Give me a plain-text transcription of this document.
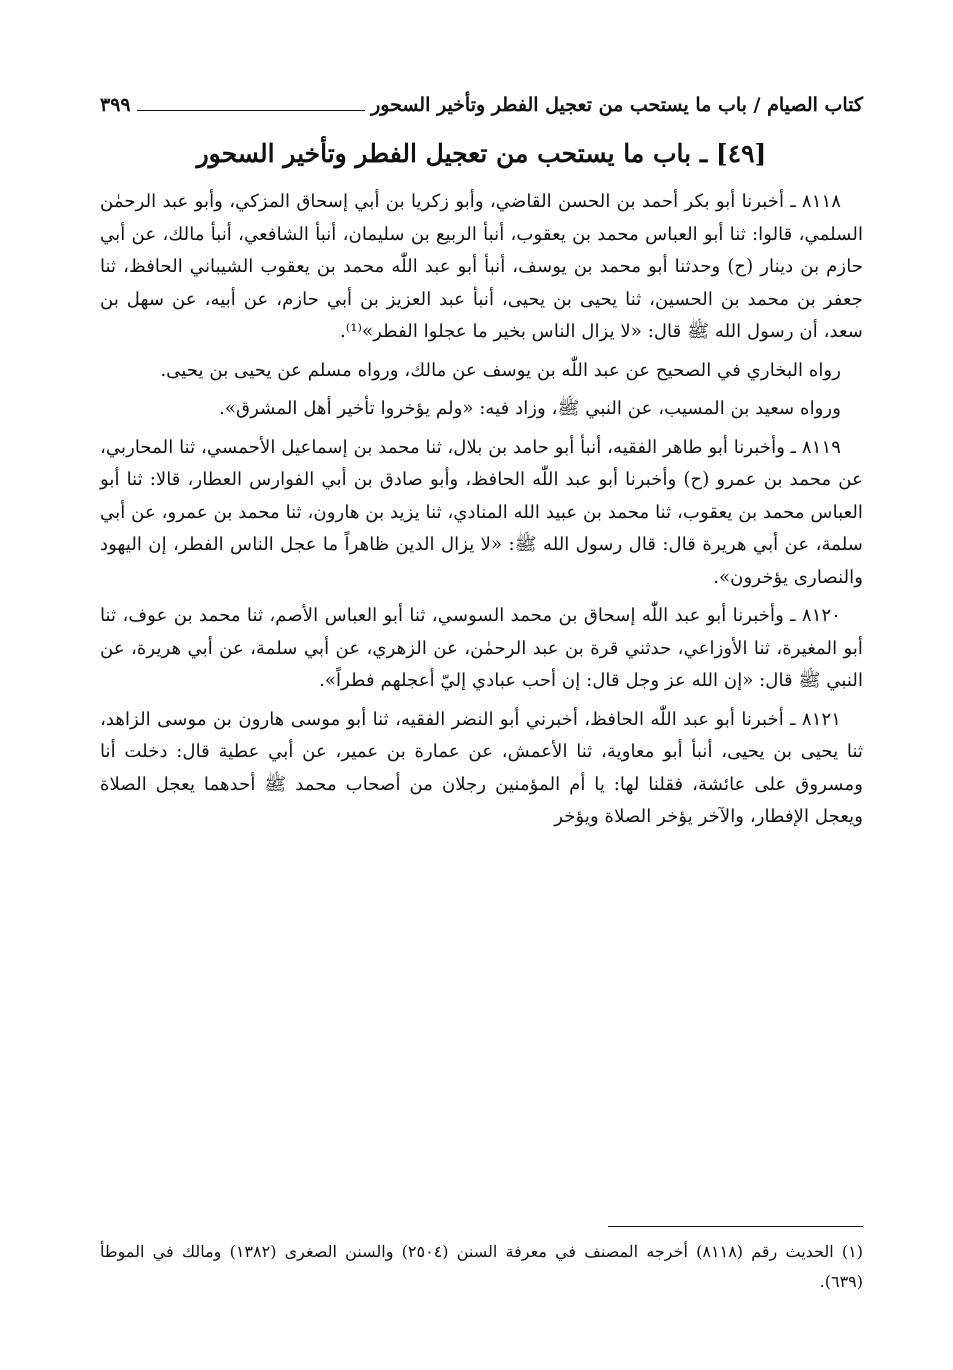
كتاب الصيام / باب ما يستحب من تعجيل الفطر وتأخير السحور
٣٩٩
[٤٩] ـ باب ما يستحب من تعجيل الفطر وتأخير السحور

٨١١٨ ـ أخبرنا أبو بكر أحمد بن الحسن القاضي، وأبو زكريا بن أبي إسحاق المزكي، وأبو عبد الرحمٰن السلمي، قالوا: ثنا أبو العباس محمد بن يعقوب، أنبأ الربيع بن سليمان، أنبأ الشافعي، أنبأ مالك، عن أبي حازم بن دينار (ح) وحدثنا أبو محمد بن يوسف، أنبأ أبو عبد اللّٰه محمد بن يعقوب الشيباني الحافظ، ثنا جعفر بن محمد بن الحسين، ثنا يحيى بن يحيى، أنبأ عبد العزيز بن أبي حازم، عن أبيه، عن سهل بن سعد، أن رسول الله ﷺ قال: «لا يزال الناس بخير ما عجلوا الفطر»⁽¹⁾.

رواه البخاري في الصحيح عن عبد اللّٰه بن يوسف عن مالك، ورواه مسلم عن يحيى بن يحيى.

ورواه سعيد بن المسيب، عن النبي ﷺ، وزاد فيه: «ولم يؤخروا تأخير أهل المشرق».

٨١١٩ ـ وأخبرنا أبو طاهر الفقيه، أنبأ أبو حامد بن بلال، ثنا محمد بن إسماعيل الأحمسي، ثنا المحاربي، عن محمد بن عمرو (ح) وأخبرنا أبو عبد اللّٰه الحافظ، وأبو صادق بن أبي الفوارس العطار، قالا: ثنا أبو العباس محمد بن يعقوب، ثنا محمد بن عبيد الله المنادي، ثنا يزيد بن هارون، ثنا محمد بن عمرو، عن أبي سلمة، عن أبي هريرة قال: قال رسول الله ﷺ: «لا يزال الدين ظاهراً ما عجل الناس الفطر، إن اليهود والنصارى يؤخرون».

٨١٢٠ ـ وأخبرنا أبو عبد اللّٰه إسحاق بن محمد السوسي، ثنا أبو العباس الأصم، ثنا محمد بن عوف، ثنا أبو المغيرة، ثنا الأوزاعي، حدثني قرة بن عبد الرحمٰن، عن الزهري، عن أبي سلمة، عن أبي هريرة، عن النبي ﷺ قال: «إن الله عز وجل قال: إن أحب عبادي إليّ أعجلهم فطراً».

٨١٢١ ـ أخبرنا أبو عبد اللّٰه الحافظ، أخبرني أبو النضر الفقيه، ثنا أبو موسى هارون بن موسى الزاهد، ثنا يحيى بن يحيى، أنبأ أبو معاوية، ثنا الأعمش، عن عمارة بن عمير، عن أبي عطية قال: دخلت أنا ومسروق على عائشة، فقلنا لها: يا أم المؤمنين رجلان من أصحاب محمد ﷺ أحدهما يعجل الصلاة ويعجل الإفطار، والآخر يؤخر الصلاة ويؤخر

(١) الحديث رقم (٨١١٨) أخرجه المصنف في معرفة السنن (٢٥٠٤) والسنن الصغرى (١٣٨٢) ومالك في الموطأ (٦٣٩).
